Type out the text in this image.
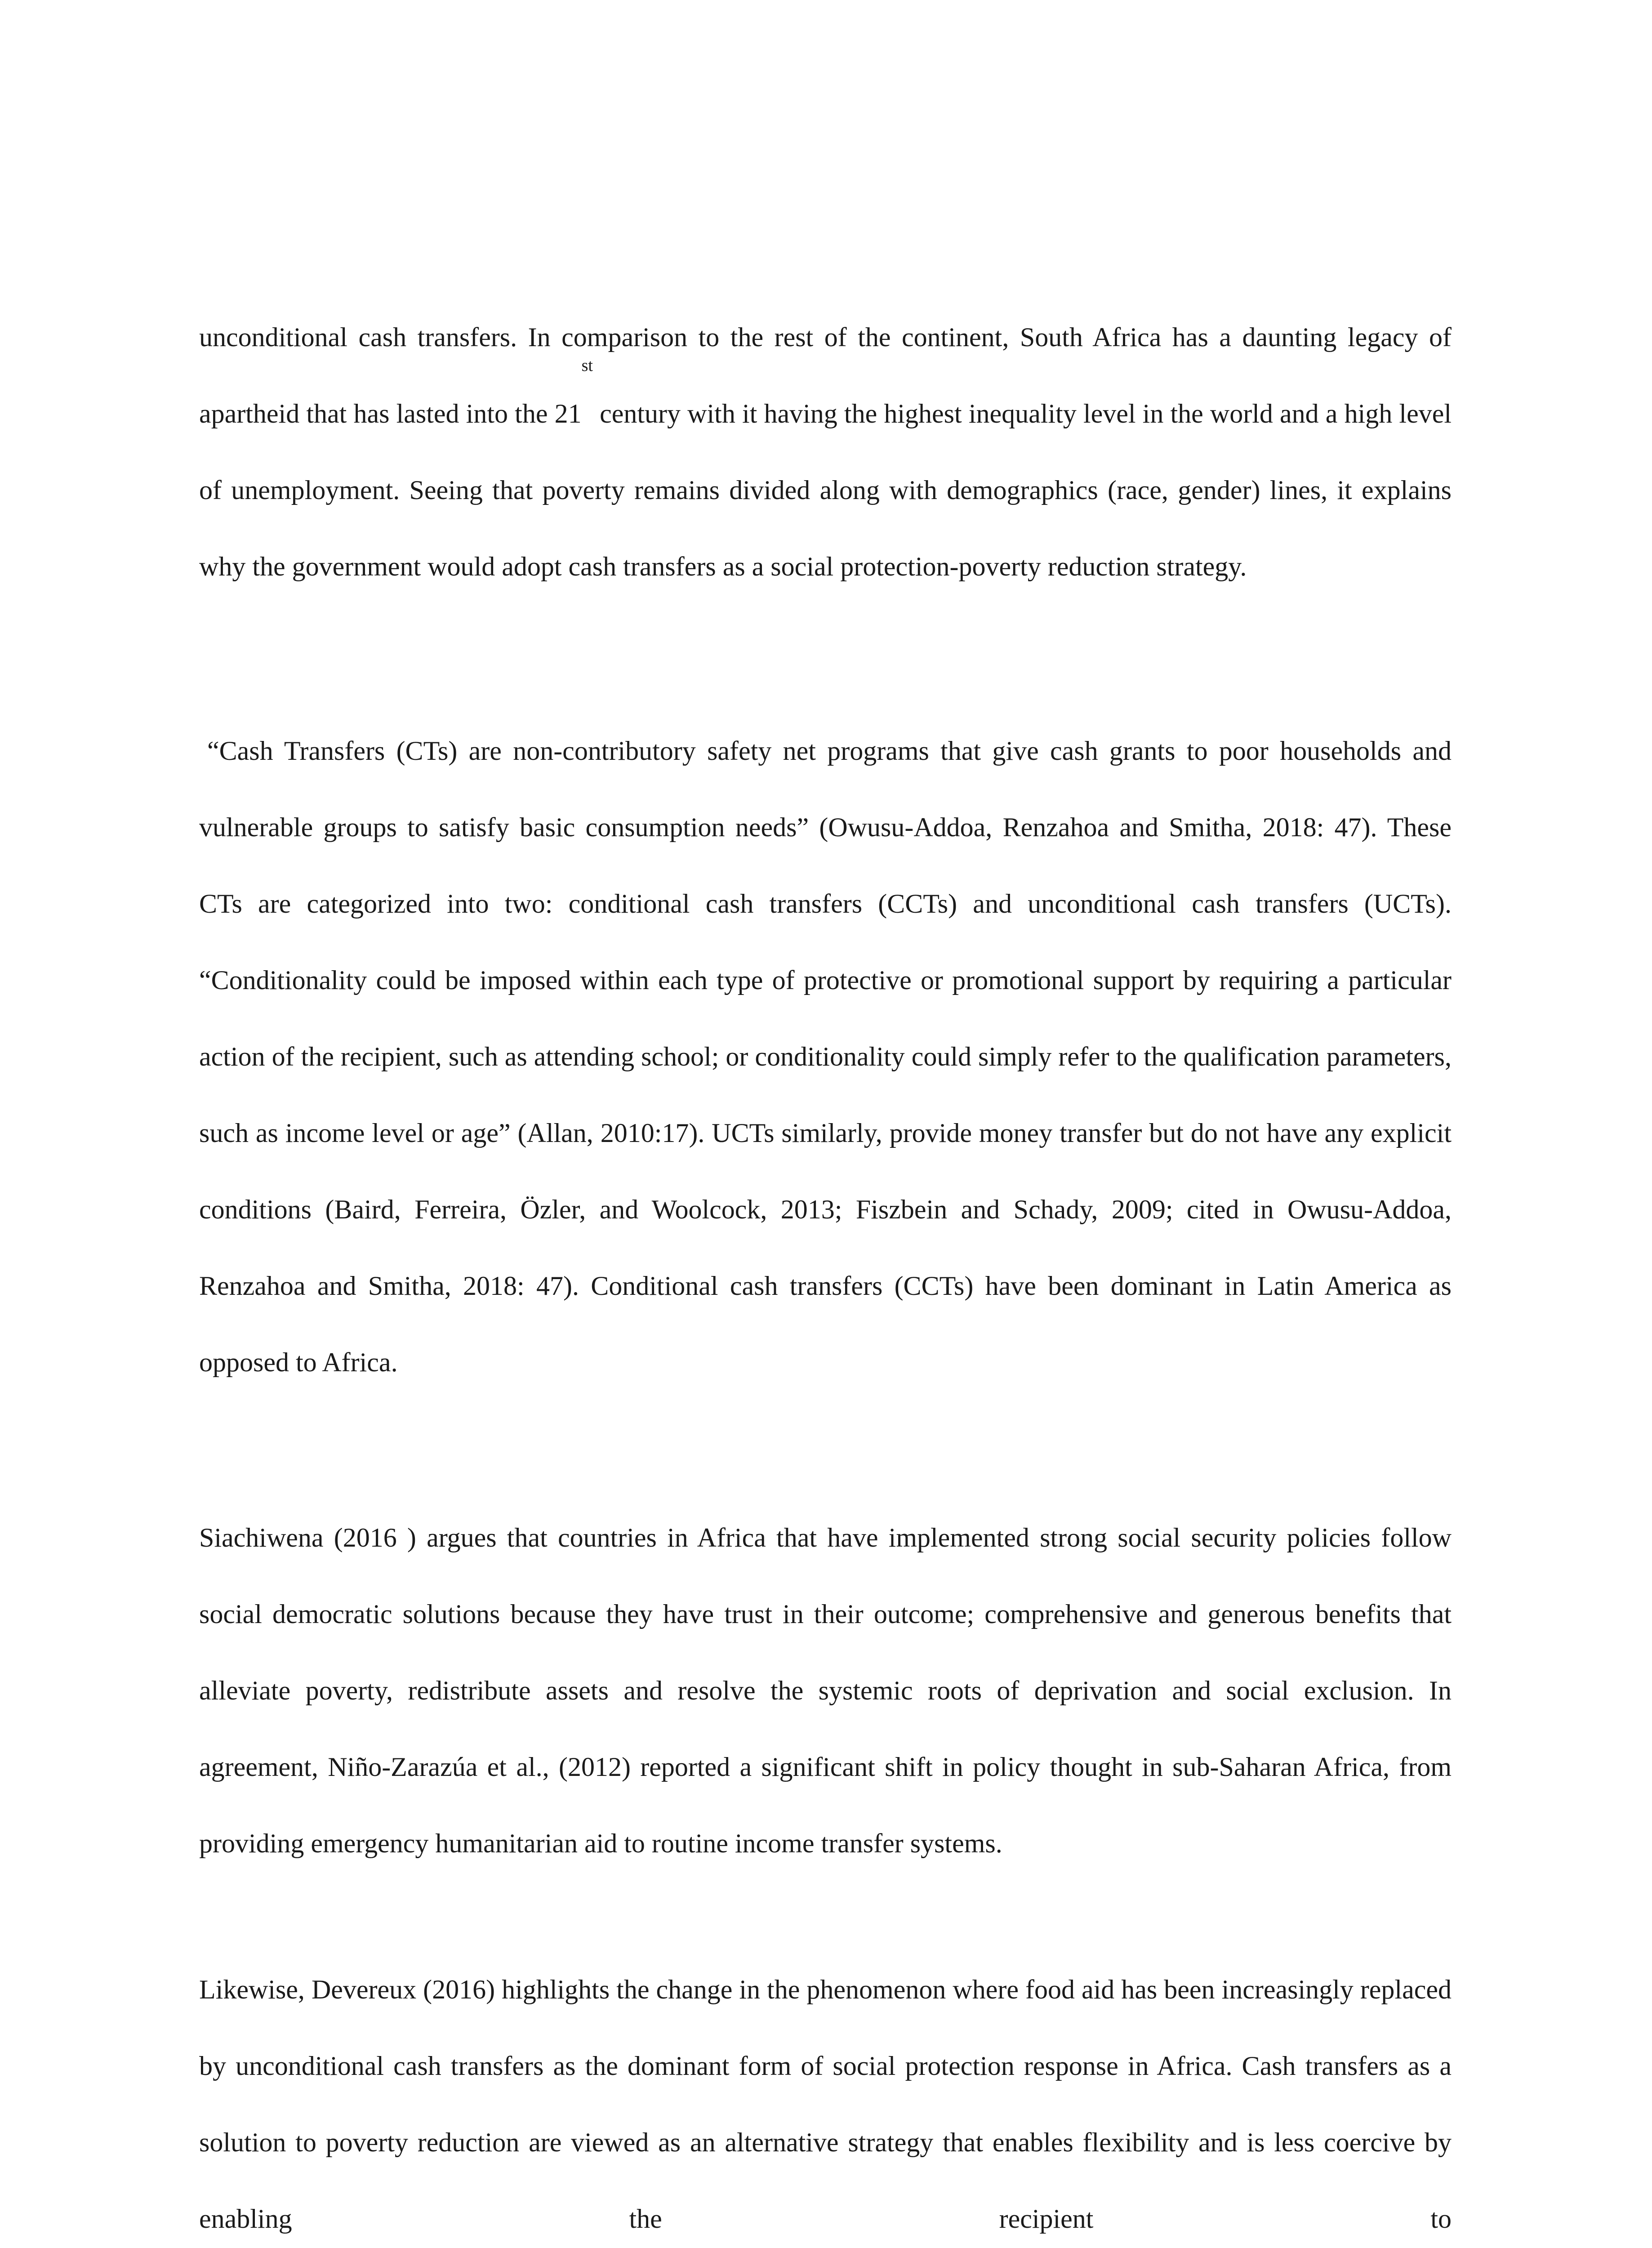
unconditional cash transfers. In comparison to the rest of the continent, South Africa has a daunting legacy of apartheid that has lasted into the 21st century with it having the highest inequality level in the world and a high level of unemployment. Seeing that poverty remains divided along with demographics (race, gender) lines, it explains why the government would adopt cash transfers as a social protection-poverty reduction strategy.

“Cash Transfers (CTs) are non-contributory safety net programs that give cash grants to poor households and vulnerable groups to satisfy basic consumption needs” (Owusu-Addoa, Renzahoa and Smitha, 2018: 47). These CTs are categorized into two: conditional cash transfers (CCTs) and unconditional cash transfers (UCTs). “Conditionality could be imposed within each type of protective or promotional support by requiring a particular action of the recipient, such as attending school; or conditionality could simply refer to the qualification parameters, such as income level or age” (Allan, 2010:17). UCTs similarly, provide money transfer but do not have any explicit conditions (Baird, Ferreira, Özler, and Woolcock, 2013; Fiszbein and Schady, 2009; cited in Owusu-Addoa, Renzahoa and Smitha, 2018: 47). Conditional cash transfers (CCTs) have been dominant in Latin America as opposed to Africa.

Siachiwena (2016 ) argues that countries in Africa that have implemented strong social security policies follow social democratic solutions because they have trust in their outcome; comprehensive and generous benefits that alleviate poverty, redistribute assets and resolve the systemic roots of deprivation and social exclusion. In agreement, Niño-Zarazúa et al., (2012) reported a significant shift in policy thought in sub-Saharan Africa, from providing emergency humanitarian aid to routine income transfer systems.

Likewise, Devereux (2016) highlights the change in the phenomenon where food aid has been increasingly replaced by unconditional cash transfers as the dominant form of social protection response in Africa. Cash transfers as a solution to poverty reduction are viewed as an alternative strategy that enables flexibility and is less coercive by enabling the recipient to
